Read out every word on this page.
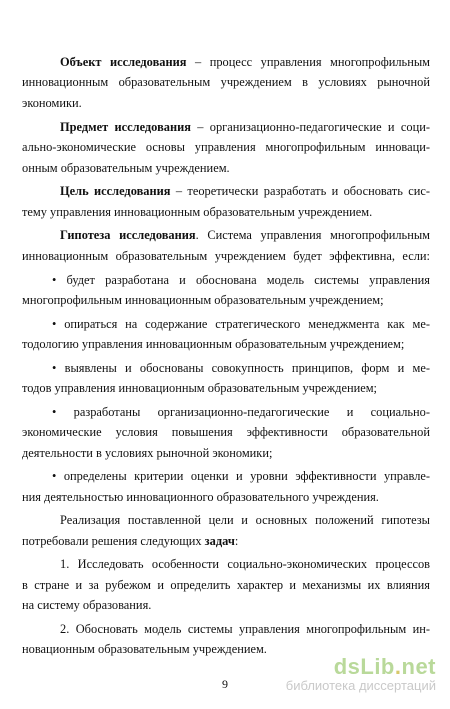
Объект исследования – процесс управления многопрофильным
инновационным образовательным учреждением в условиях рыночной
экономики.
Предмет исследования – организационно-педагогические и соци-
ально-экономические основы управления многопрофильным инноваци-
онным образовательным учреждением.
Цель исследования – теоретически разработать и обосновать сис-
тему управления инновационным образовательным учреждением.
Гипотеза исследования. Система управления многопрофильным
инновационным образовательным учреждением будет эффективна, если:
• будет разработана и обоснована модель системы управления
многопрофильным инновационным образовательным учреждением;
• опираться на содержание стратегического менеджмента как ме-
тодологию управления инновационным образовательным учреждением;
• выявлены и обоснованы совокупность принципов, форм и ме-
тодов управления инновационным образовательным учреждением;
• разработаны организационно-педагогические и социально-
экономические условия повышения эффективности образовательной
деятельности в условиях рыночной экономики;
• определены критерии оценки и уровни эффективности управле-
ния деятельностью инновационного образовательного учреждения.
Реализация поставленной цели и основных положений гипотезы
потребовали решения следующих задач:
1. Исследовать особенности социально-экономических процессов
в стране и за рубежом и определить характер и механизмы их влияния
на систему образования.
2. Обосновать модель системы управления многопрофильным ин-
новационным образовательным учреждением.
9
dsLib.net
библиотека диссертаций
